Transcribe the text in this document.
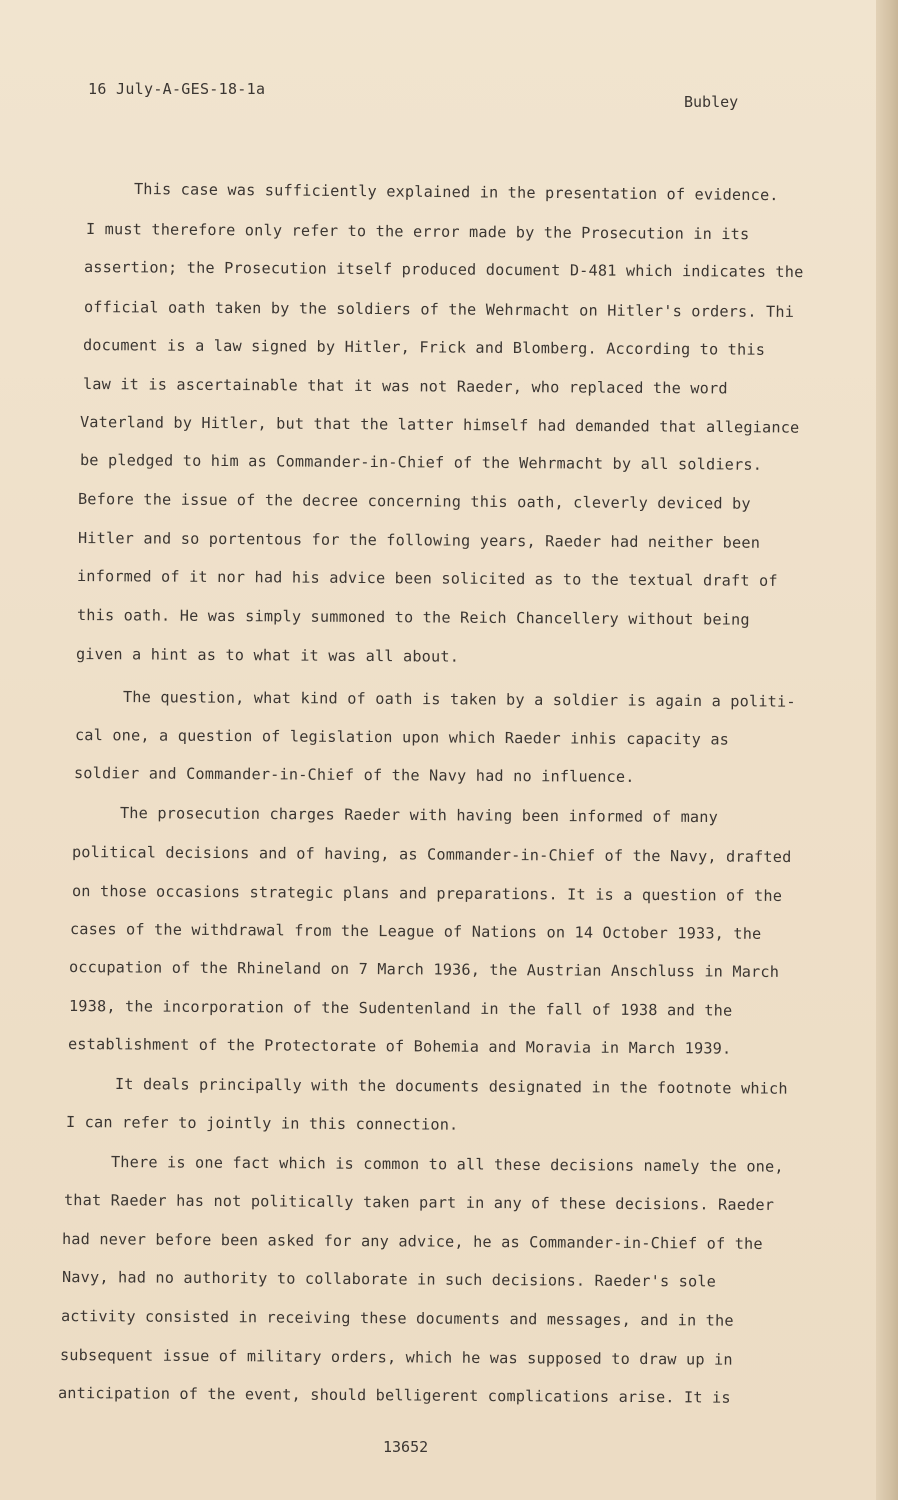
16 July-A-GES-18-1a
Bubley
This case was sufficiently explained in the presentation of evidence.
I must therefore only refer to the error made by the Prosecution in its
assertion; the Prosecution itself produced document D-481 which indicates the
official oath taken by the soldiers of the Wehrmacht on Hitler's orders. Thi
document is a law signed by Hitler, Frick and Blomberg. According to this
law it is ascertainable that it was not Raeder, who replaced the word
Vaterland by Hitler, but that the latter himself had demanded that allegiance
be pledged to him as Commander-in-Chief of the Wehrmacht by all soldiers.
Before the issue of the decree concerning this oath, cleverly deviced by
Hitler and so portentous for the following years, Raeder had neither been
informed of it nor had his advice been solicited as to the textual draft of
this oath. He was simply summoned to the Reich Chancellery without being
given a hint as to what it was all about.
The question, what kind of oath is taken by a soldier is again a politi-
cal one, a question of legislation upon which Raeder inhis capacity as
soldier and Commander-in-Chief of the Navy had no influence.
The prosecution charges Raeder with having been informed of many
political decisions and of having, as Commander-in-Chief of the Navy, drafted
on those occasions strategic plans and preparations. It is a question of the
cases of the withdrawal from the League of Nations on 14 October 1933, the
occupation of the Rhineland on 7 March 1936, the Austrian Anschluss in March
1938, the incorporation of the Sudentenland in the fall of 1938 and the
establishment of the Protectorate of Bohemia and Moravia in March 1939.
It deals principally with the documents designated in the footnote which
I can refer to jointly in this connection.
There is one fact which is common to all these decisions namely the one,
that Raeder has not politically taken part in any of these decisions. Raeder
had never before been asked for any advice, he as Commander-in-Chief of the
Navy, had no authority to collaborate in such decisions. Raeder's sole
activity consisted in receiving these documents and messages, and in the
subsequent issue of military orders, which he was supposed to draw up in
anticipation of the event, should belligerent complications arise. It is
13652
